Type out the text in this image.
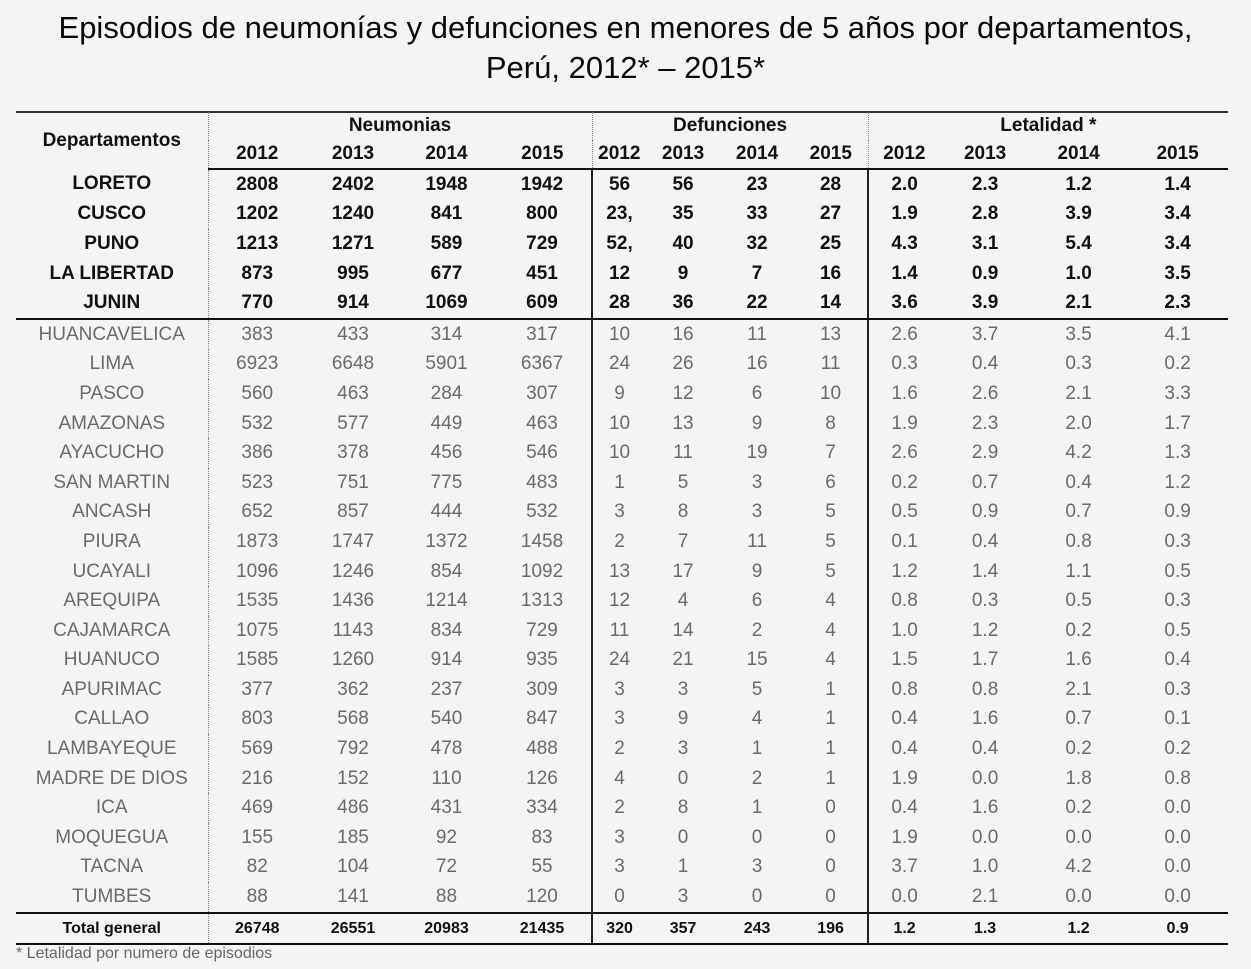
Episodios de neumonías y defunciones en menores de 5 años por departamentos,
Perú, 2012* – 2015*
Departamentos	Neumonias				Defunciones				Letalidad *			
	2012	2013	2014	2015	2012	2013	2014	2015	2012	2013	2014	2015
LORETO	2808	2402	1948	1942	56	56	23	28	2.0	2.3	1.2	1.4
CUSCO	1202	1240	841	800	23,	35	33	27	1.9	2.8	3.9	3.4
PUNO	1213	1271	589	729	52,	40	32	25	4.3	3.1	5.4	3.4
LA LIBERTAD	873	995	677	451	12	9	7	16	1.4	0.9	1.0	3.5
JUNIN	770	914	1069	609	28	36	22	14	3.6	3.9	2.1	2.3
HUANCAVELICA	383	433	314	317	10	16	11	13	2.6	3.7	3.5	4.1
LIMA	6923	6648	5901	6367	24	26	16	11	0.3	0.4	0.3	0.2
PASCO	560	463	284	307	9	12	6	10	1.6	2.6	2.1	3.3
AMAZONAS	532	577	449	463	10	13	9	8	1.9	2.3	2.0	1.7
AYACUCHO	386	378	456	546	10	11	19	7	2.6	2.9	4.2	1.3
SAN MARTIN	523	751	775	483	1	5	3	6	0.2	0.7	0.4	1.2
ANCASH	652	857	444	532	3	8	3	5	0.5	0.9	0.7	0.9
PIURA	1873	1747	1372	1458	2	7	11	5	0.1	0.4	0.8	0.3
UCAYALI	1096	1246	854	1092	13	17	9	5	1.2	1.4	1.1	0.5
AREQUIPA	1535	1436	1214	1313	12	4	6	4	0.8	0.3	0.5	0.3
CAJAMARCA	1075	1143	834	729	11	14	2	4	1.0	1.2	0.2	0.5
HUANUCO	1585	1260	914	935	24	21	15	4	1.5	1.7	1.6	0.4
APURIMAC	377	362	237	309	3	3	5	1	0.8	0.8	2.1	0.3
CALLAO	803	568	540	847	3	9	4	1	0.4	1.6	0.7	0.1
LAMBAYEQUE	569	792	478	488	2	3	1	1	0.4	0.4	0.2	0.2
MADRE DE DIOS	216	152	110	126	4	0	2	1	1.9	0.0	1.8	0.8
ICA	469	486	431	334	2	8	1	0	0.4	1.6	0.2	0.0
MOQUEGUA	155	185	92	83	3	0	0	0	1.9	0.0	0.0	0.0
TACNA	82	104	72	55	3	1	3	0	3.7	1.0	4.2	0.0
TUMBES	88	141	88	120	0	3	0	0	0.0	2.1	0.0	0.0
Total general	26748	26551	20983	21435	320	357	243	196	1.2	1.3	1.2	0.9
* Letalidad por numero de episodios
